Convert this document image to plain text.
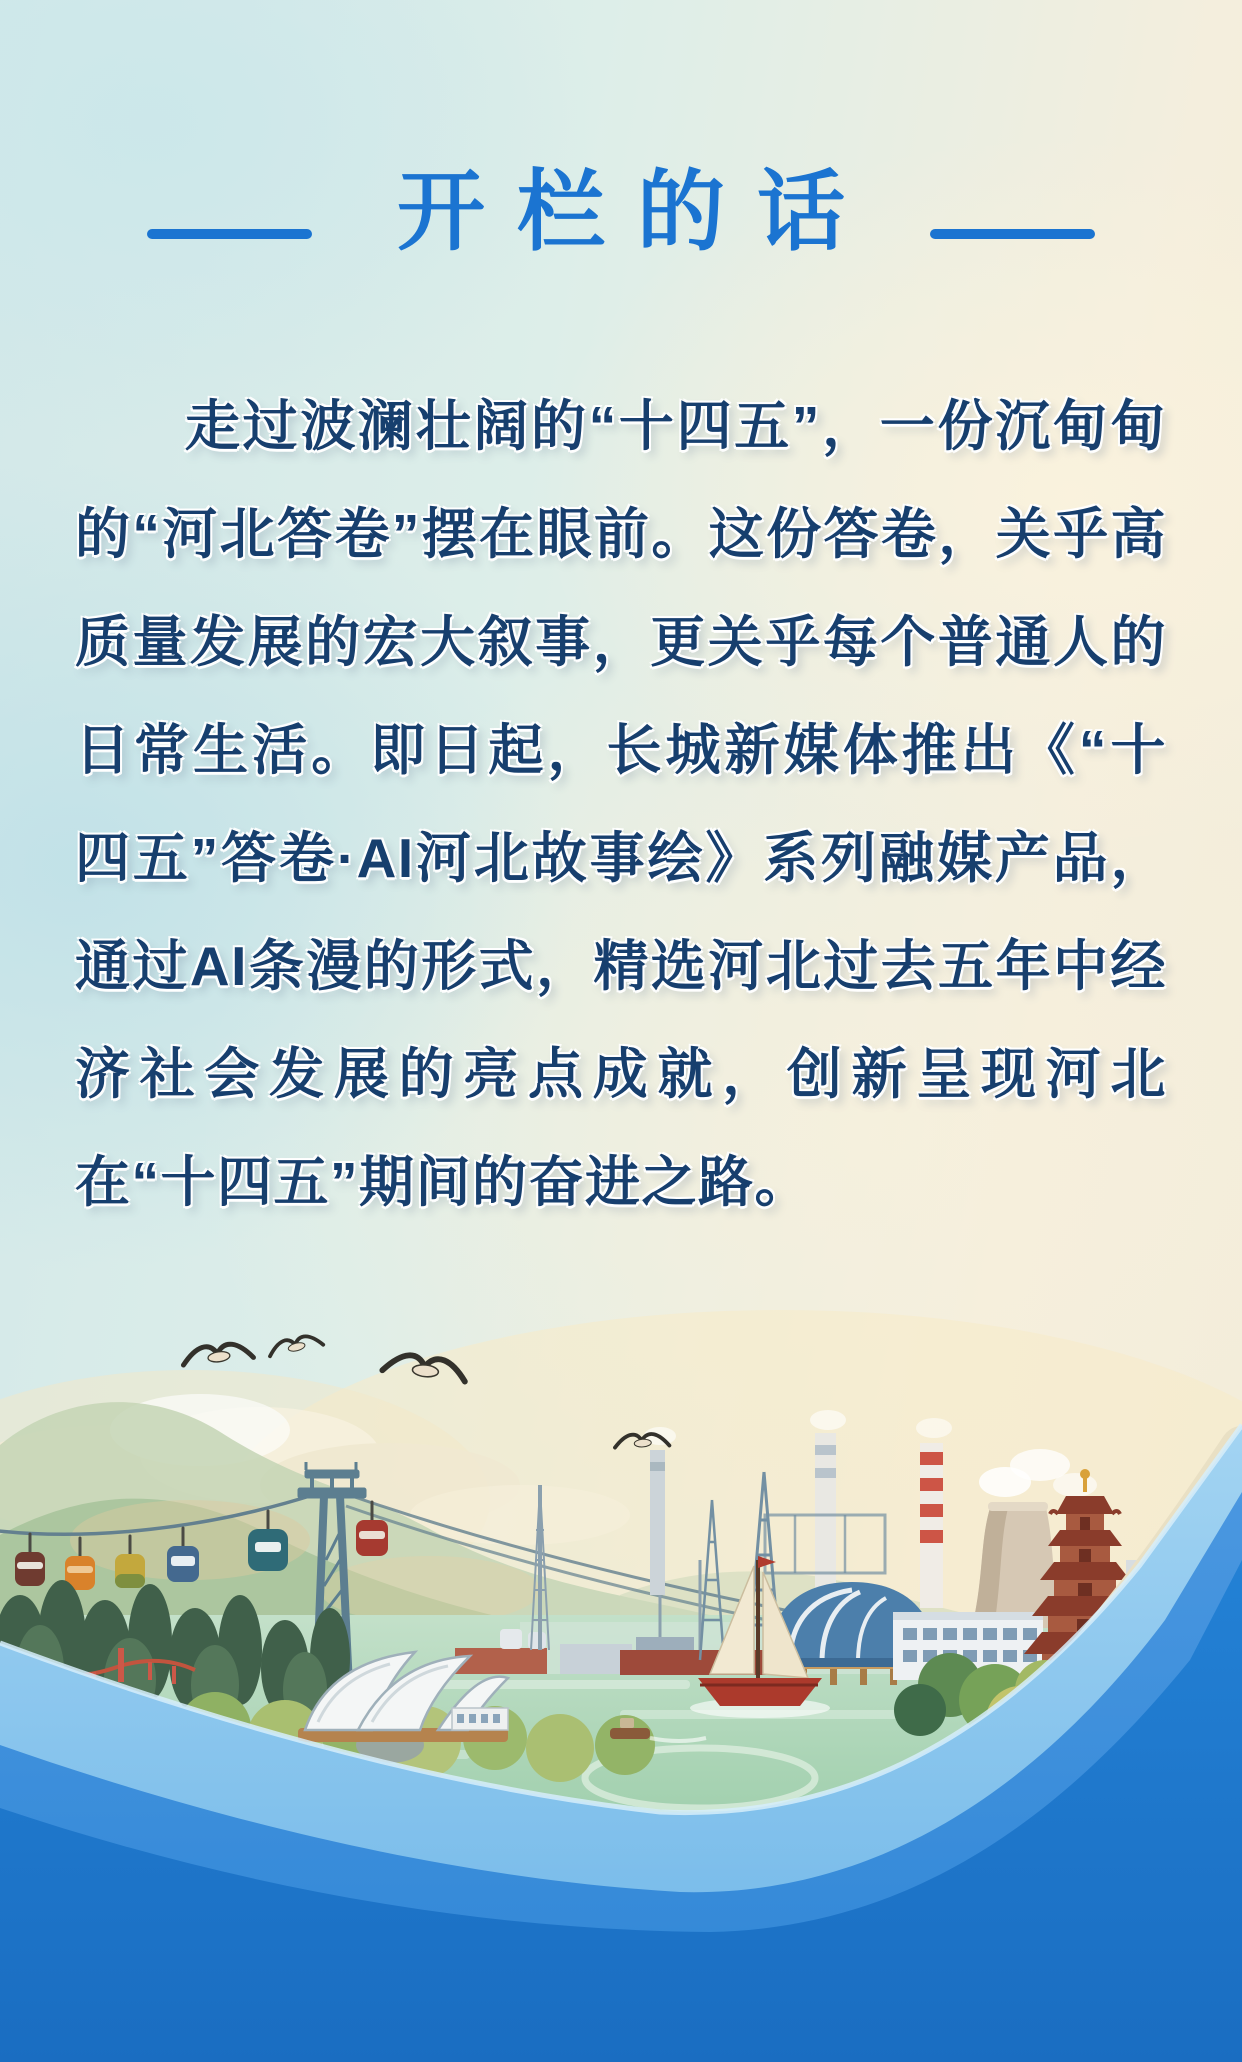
开栏的话
走过波澜壮阔的“十四五”，一份沉甸甸的“河北答卷”摆在眼前。这份答卷，关乎高质量发展的宏大叙事，更关乎每个普通人的日常生活。即日起，长城新媒体推出《“十四五”答卷·AI河北故事绘》系列融媒产品，通过AI条漫的形式，精选河北过去五年中经济社会发展的亮点成就，创新呈现河北在“十四五”期间的奋进之路。
